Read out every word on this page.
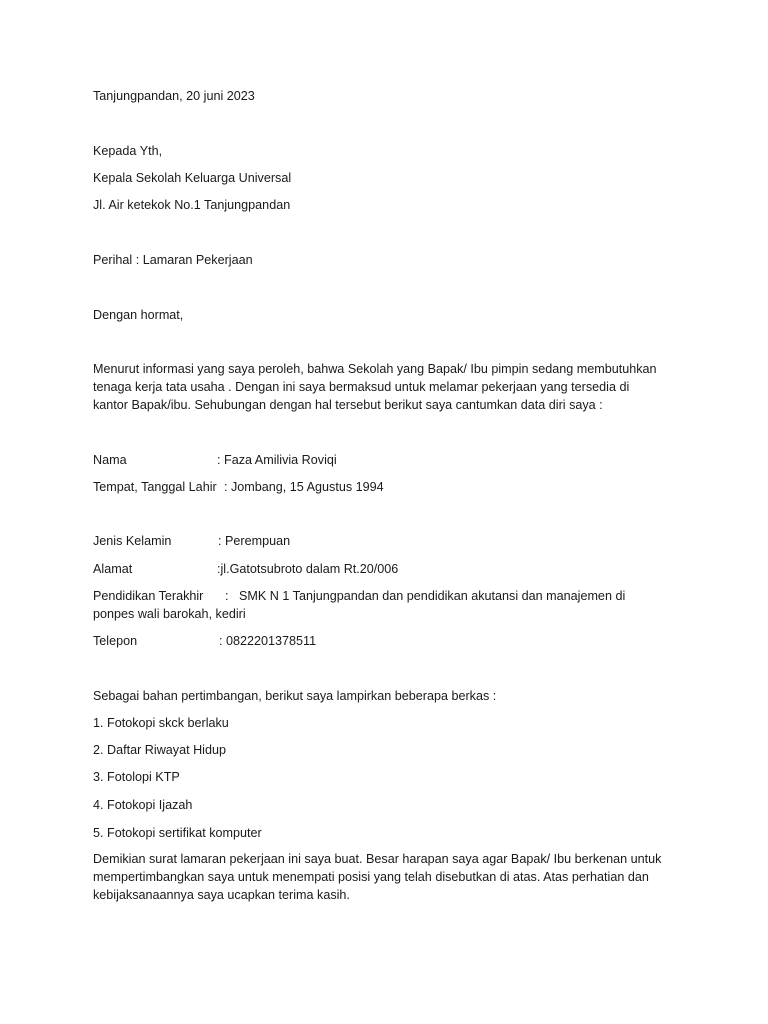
Tanjungpandan, 20 juni 2023
Kepada Yth,
Kepala Sekolah Keluarga Universal
Jl. Air ketekok No.1 Tanjungpandan
Perihal : Lamaran Pekerjaan
Dengan hormat,
Menurut informasi yang saya peroleh, bahwa Sekolah yang Bapak/ Ibu pimpin sedang membutuhkan
tenaga kerja tata usaha . Dengan ini saya bermaksud untuk melamar pekerjaan yang tersedia di
kantor Bapak/ibu. Sehubungan dengan hal tersebut berikut saya cantumkan data diri saya :
Nama	: Faza Amilivia Roviqi
Tempat, Tanggal Lahir : Jombang, 15 Agustus 1994
Jenis Kelamin	: Perempuan
Alamat	:jl.Gatotsubroto dalam Rt.20/006
Pendidikan Terakhir :   SMK N 1 Tanjungpandan dan pendidikan akutansi dan manajemen di
ponpes wali barokah, kediri
Telepon	: 0822201378511
Sebagai bahan pertimbangan, berikut saya lampirkan beberapa berkas :
1. Fotokopi skck berlaku
2. Daftar Riwayat Hidup
3. Fotolopi KTP
4. Fotokopi Ijazah
5. Fotokopi sertifikat komputer
Demikian surat lamaran pekerjaan ini saya buat. Besar harapan saya agar Bapak/ Ibu berkenan untuk
mempertimbangkan saya untuk menempati posisi yang telah disebutkan di atas. Atas perhatian dan
kebijaksanaannya saya ucapkan terima kasih.
